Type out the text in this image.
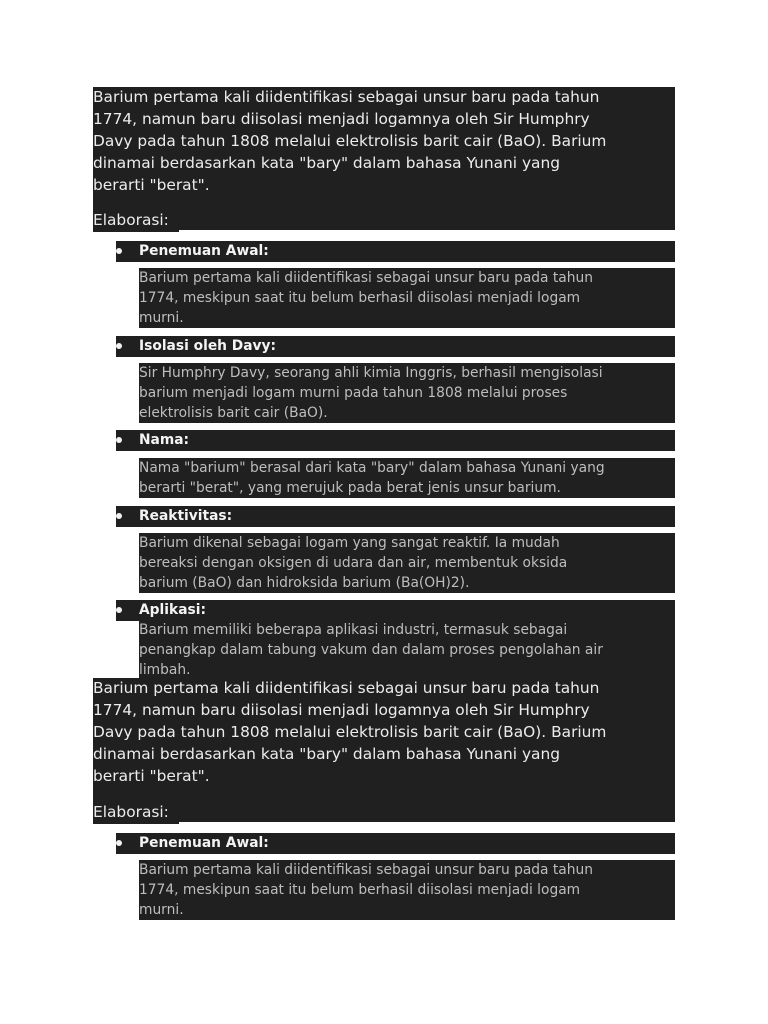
Barium pertama kali diidentifikasi sebagai unsur baru pada tahun
1774, namun baru diisolasi menjadi logamnya oleh Sir Humphry
Davy pada tahun 1808 melalui elektrolisis barit cair (BaO). Barium
dinamai berdasarkan kata "bary" dalam bahasa Yunani yang
berarti "berat".
Elaborasi:
Penemuan Awal:
Barium pertama kali diidentifikasi sebagai unsur baru pada tahun
1774, meskipun saat itu belum berhasil diisolasi menjadi logam
murni.
Isolasi oleh Davy:
Sir Humphry Davy, seorang ahli kimia Inggris, berhasil mengisolasi
barium menjadi logam murni pada tahun 1808 melalui proses
elektrolisis barit cair (BaO).
Nama:
Nama "barium" berasal dari kata "bary" dalam bahasa Yunani yang
berarti "berat", yang merujuk pada berat jenis unsur barium.
Reaktivitas:
Barium dikenal sebagai logam yang sangat reaktif. Ia mudah
bereaksi dengan oksigen di udara dan air, membentuk oksida
barium (BaO) dan hidroksida barium (Ba(OH)2).
Aplikasi:
Barium memiliki beberapa aplikasi industri, termasuk sebagai
penangkap dalam tabung vakum dan dalam proses pengolahan air
limbah.
Barium pertama kali diidentifikasi sebagai unsur baru pada tahun
1774, namun baru diisolasi menjadi logamnya oleh Sir Humphry
Davy pada tahun 1808 melalui elektrolisis barit cair (BaO). Barium
dinamai berdasarkan kata "bary" dalam bahasa Yunani yang
berarti "berat".
Elaborasi:
Penemuan Awal:
Barium pertama kali diidentifikasi sebagai unsur baru pada tahun
1774, meskipun saat itu belum berhasil diisolasi menjadi logam
murni.
